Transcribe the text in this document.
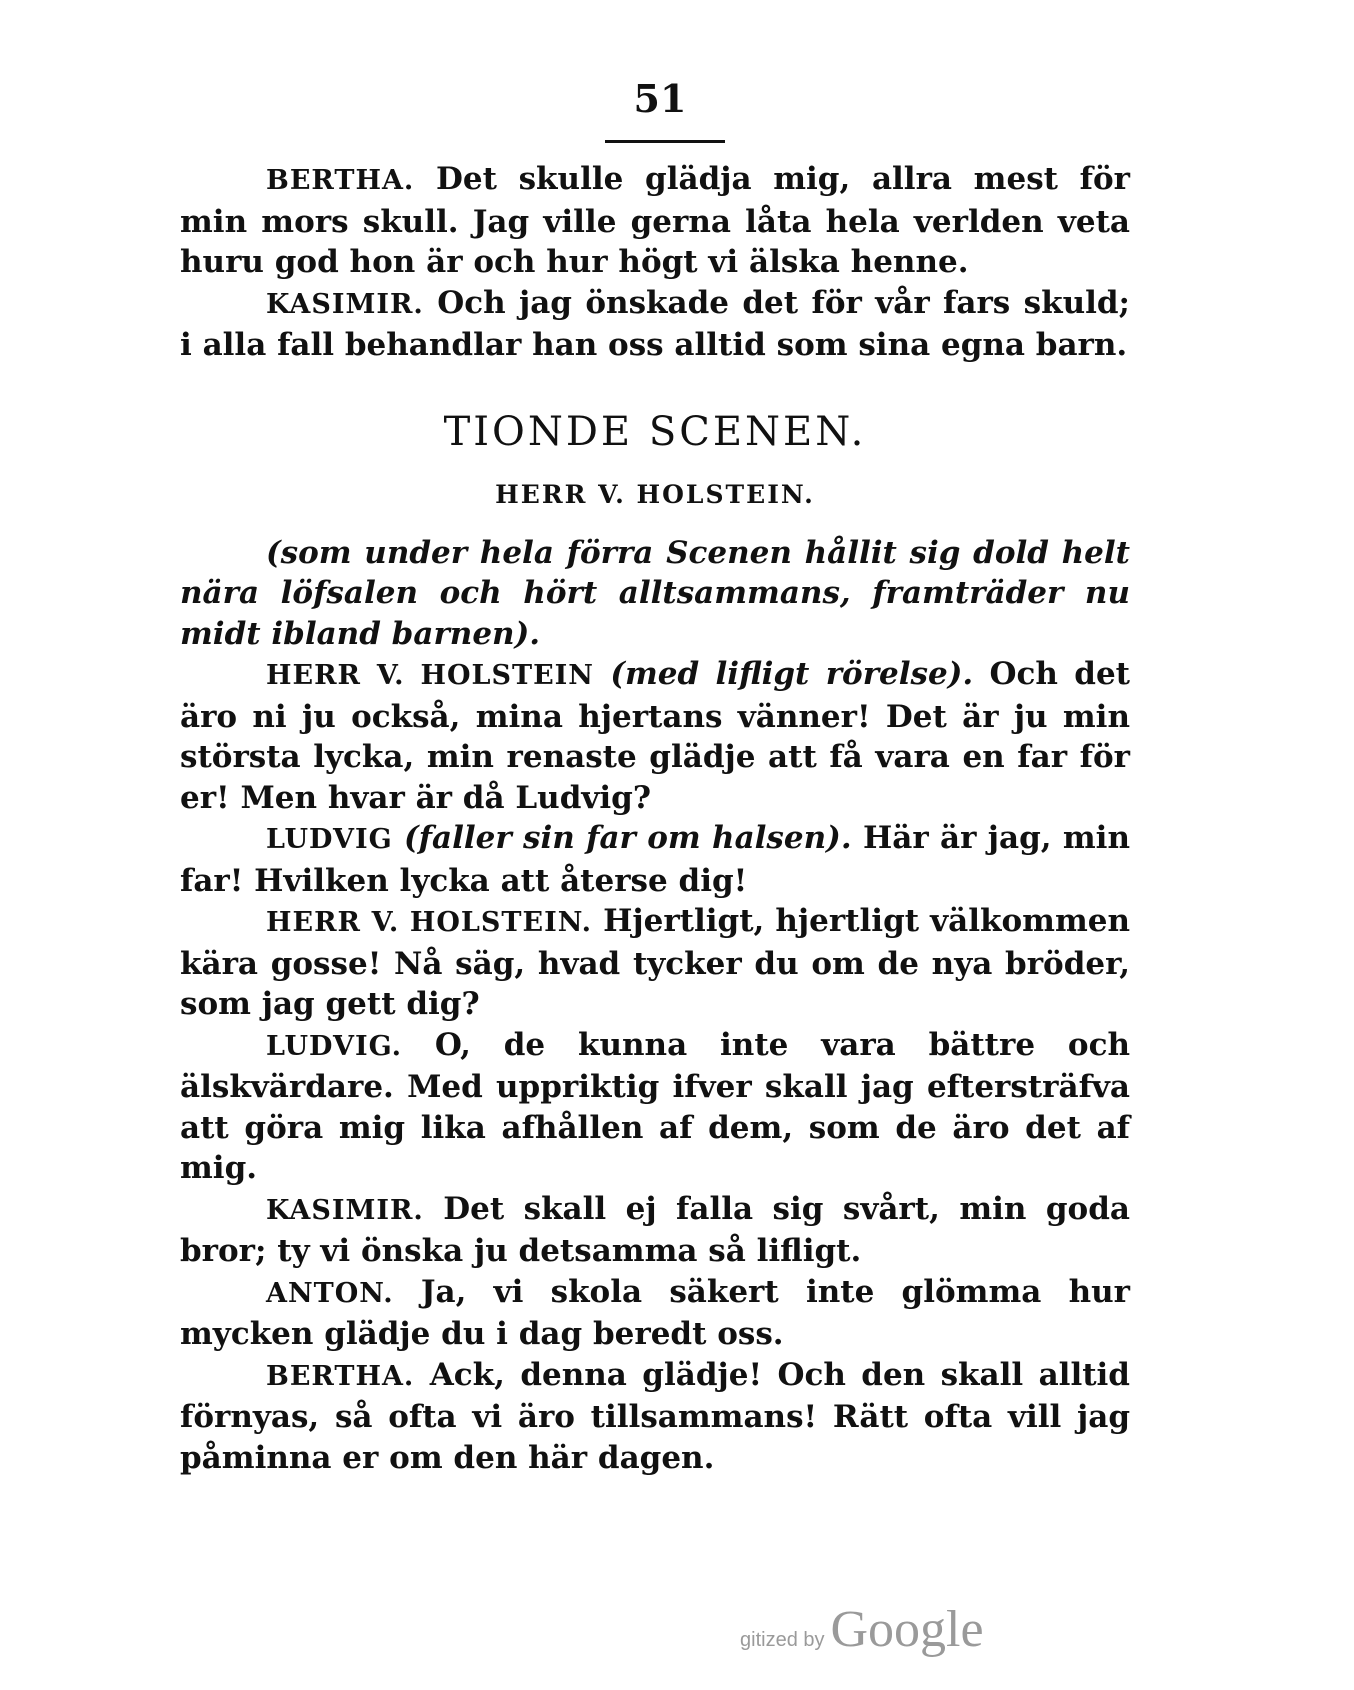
51

BERTHA. Det skulle glädja mig, allra mest för min mors skull. Jag ville gerna låta hela verlden veta huru god hon är och hur högt vi älska henne.

KASIMIR. Och jag önskade det för vår fars skuld; i alla fall behandlar han oss alltid som sina egna barn.

TIONDE SCENEN.

HERR V. HOLSTEIN.

(som under hela förra Scenen hållit sig dold helt nära löfsalen och hört alltsammans, framträder nu midt ibland barnen).

HERR V. HOLSTEIN (med lifligt rörelse). Och det äro ni ju också, mina hjertans vänner! Det är ju min största lycka, min renaste glädje att få vara en far för er! Men hvar är då Ludvig?

LUDVIG (faller sin far om halsen). Här är jag, min far! Hvilken lycka att återse dig!

HERR V. HOLSTEIN. Hjertligt, hjertligt välkommen kära gosse! Nå säg, hvad tycker du om de nya bröder, som jag gett dig?

LUDVIG. O, de kunna inte vara bättre och älskvärdare. Med uppriktig ifver skall jag eftersträfva att göra mig lika afhållen af dem, som de äro det af mig.

KASIMIR. Det skall ej falla sig svårt, min goda bror; ty vi önska ju detsamma så lifligt.

ANTON. Ja, vi skola säkert inte glömma hur mycken glädje du i dag beredt oss.

BERTHA. Ack, denna glädje! Och den skall alltid förnyas, så ofta vi äro tillsammans! Rätt ofta vill jag påminna er om den här dagen.

gitized by Google
